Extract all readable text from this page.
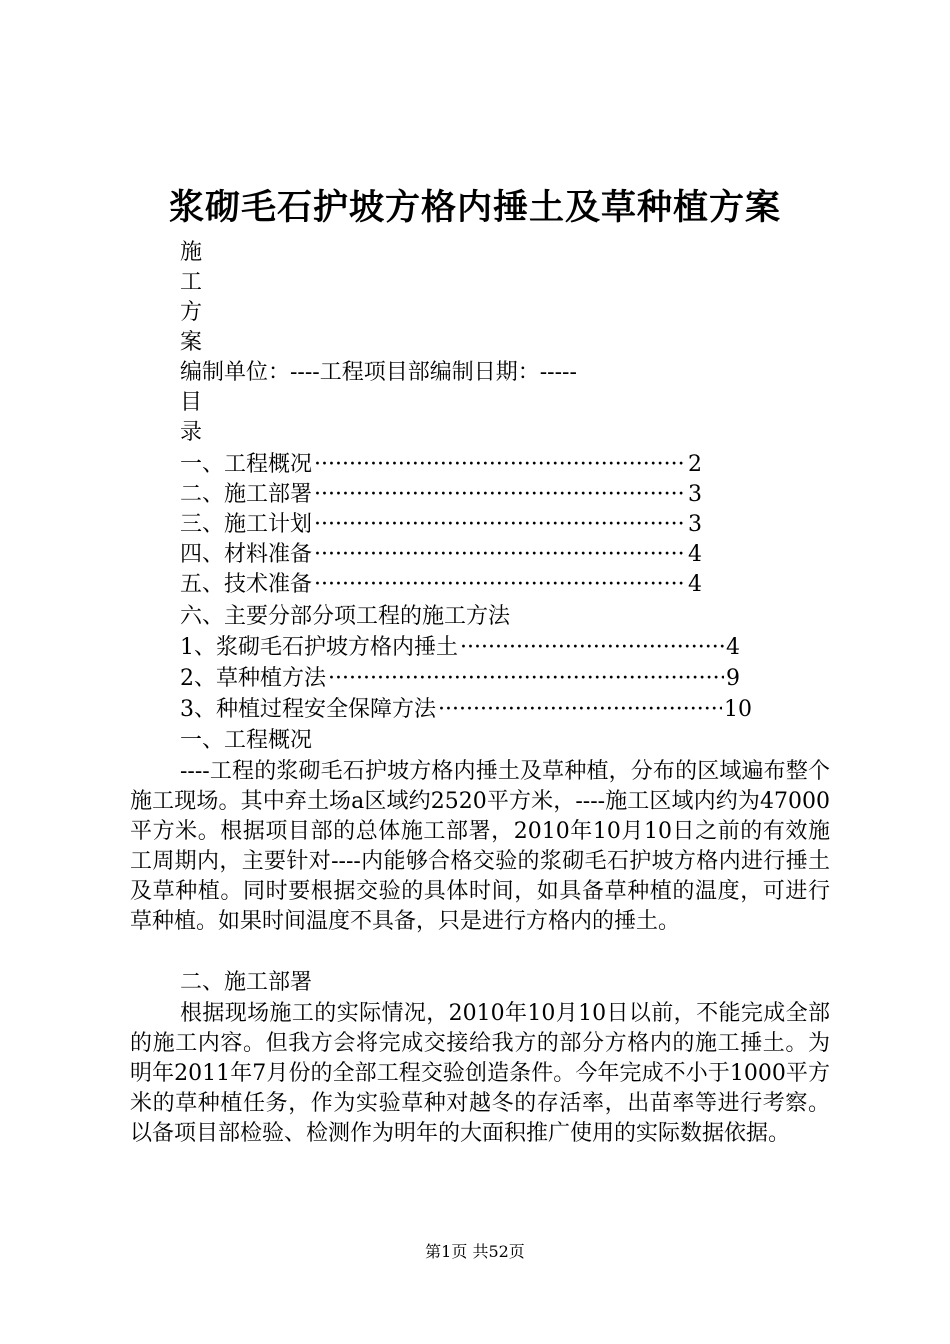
浆砌毛石护坡方格内捶土及草种植方案
施
工
方
案
编制单位：----工程项目部编制日期：-----
目
录
一、工程概况 ·····	2
二、施工部署 ·····	3
三、施工计划 ·····	3
四、材料准备 ·····	4
五、技术准备 ·····	4
六、主要分部分项工程的施工方法
1、浆砌毛石护坡方格内捶土 ·····	4
2、草种植方法 ·····	9
3、种植过程安全保障方法 ·····	10
一、工程概况
----工程的浆砌毛石护坡方格内捶土及草种植，分布的区域遍布整个施工现场。其中弃土场a区域约2520平方米，----施工区域内约为47000平方米。根据项目部的总体施工部署，2010年10月10日之前的有效施工周期内，主要针对----内能够合格交验的浆砌毛石护坡方格内进行捶土及草种植。同时要根据交验的具体时间，如具备草种植的温度，可进行草种植。如果时间温度不具备，只是进行方格内的捶土。
二、施工部署
根据现场施工的实际情况，2010年10月10日以前，不能完成全部的施工内容。但我方会将完成交接给我方的部分方格内的施工捶土。为明年2011年7月份的全部工程交验创造条件。今年完成不小于1000平方米的草种植任务，作为实验草种对越冬的存活率，出苗率等进行考察。以备项目部检验、检测作为明年的大面积推广使用的实际数据依据。
第1页 共52页
